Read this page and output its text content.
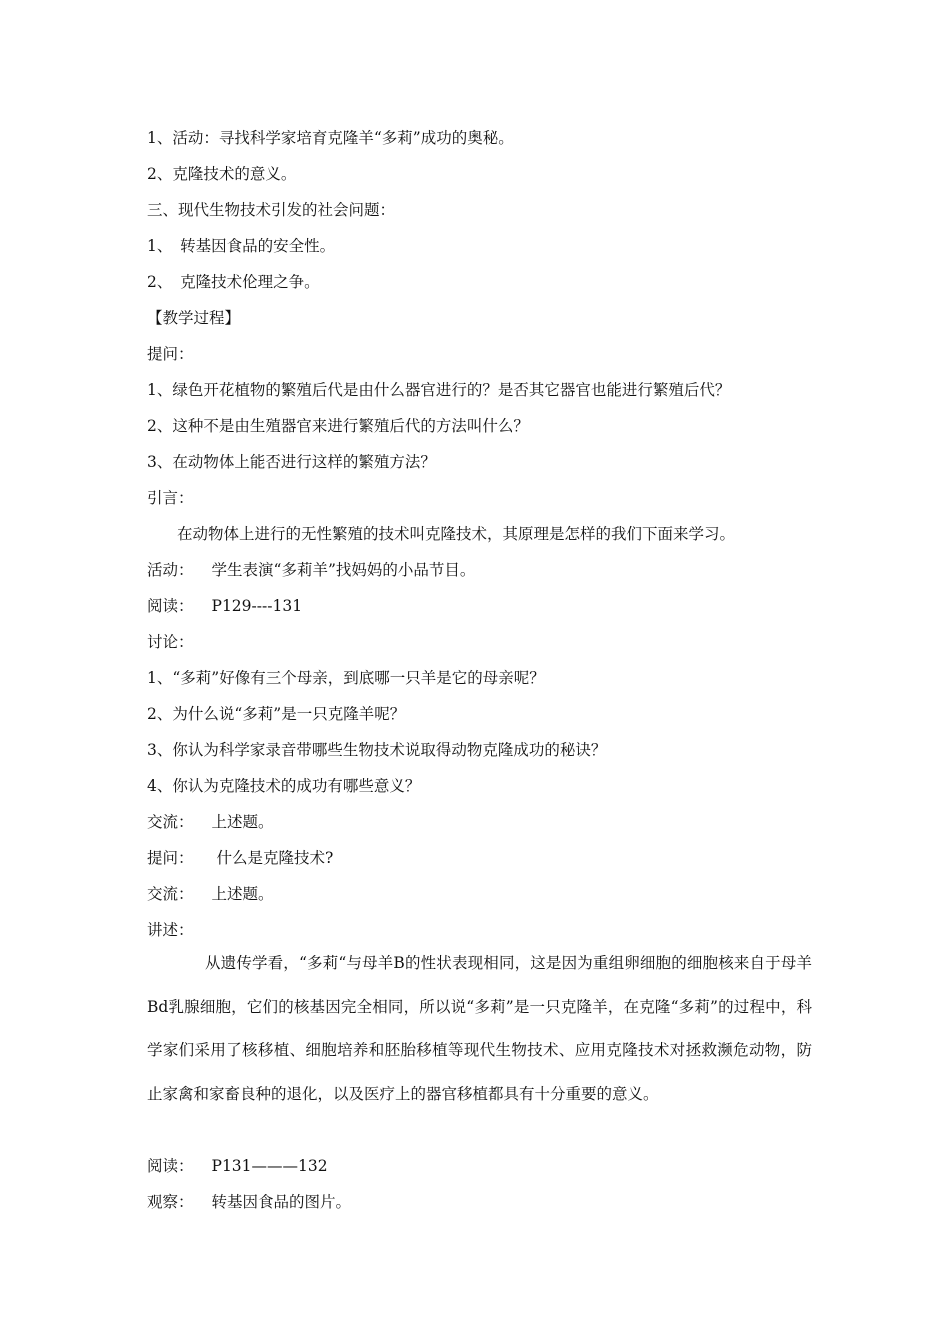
1、活动：寻找科学家培育克隆羊“多莉”成功的奥秘。
2、克隆技术的意义。
三、现代生物技术引发的社会问题：
1、　转基因食品的安全性。
2、　克隆技术伦理之争。
【教学过程】
提问：
1、绿色开花植物的繁殖后代是由什么器官进行的？是否其它器官也能进行繁殖后代？
2、这种不是由生殖器官来进行繁殖后代的方法叫什么？
3、在动物体上能否进行这样的繁殖方法？
引言：
在动物体上进行的无性繁殖的技术叫克隆技术，其原理是怎样的我们下面来学习。
活动： 学生表演“多莉羊”找妈妈的小品节目。
阅读： P129----131
讨论：
1、“多莉”好像有三个母亲，到底哪一只羊是它的母亲呢？
2、为什么说“多莉”是一只克隆羊呢？
3、你认为科学家录音带哪些生物技术说取得动物克隆成功的秘诀？
4、你认为克隆技术的成功有哪些意义？
交流： 上述题。
提问： 什么是克隆技术?
交流： 上述题。
讲述：
从遗传学看，“多莉“与母羊B的性状表现相同，这是因为重组卵细胞的细胞核来自于母羊Bd乳腺细胞，它们的核基因完全相同，所以说“多莉”是一只克隆羊，在克隆“多莉”的过程中，科学家们采用了核移植、细胞培养和胚胎移植等现代生物技术、应用克隆技术对拯救濒危动物，防止家禽和家畜良种的退化，以及医疗上的器官移植都具有十分重要的意义。
阅读： P131———132
观察： 转基因食品的图片。
